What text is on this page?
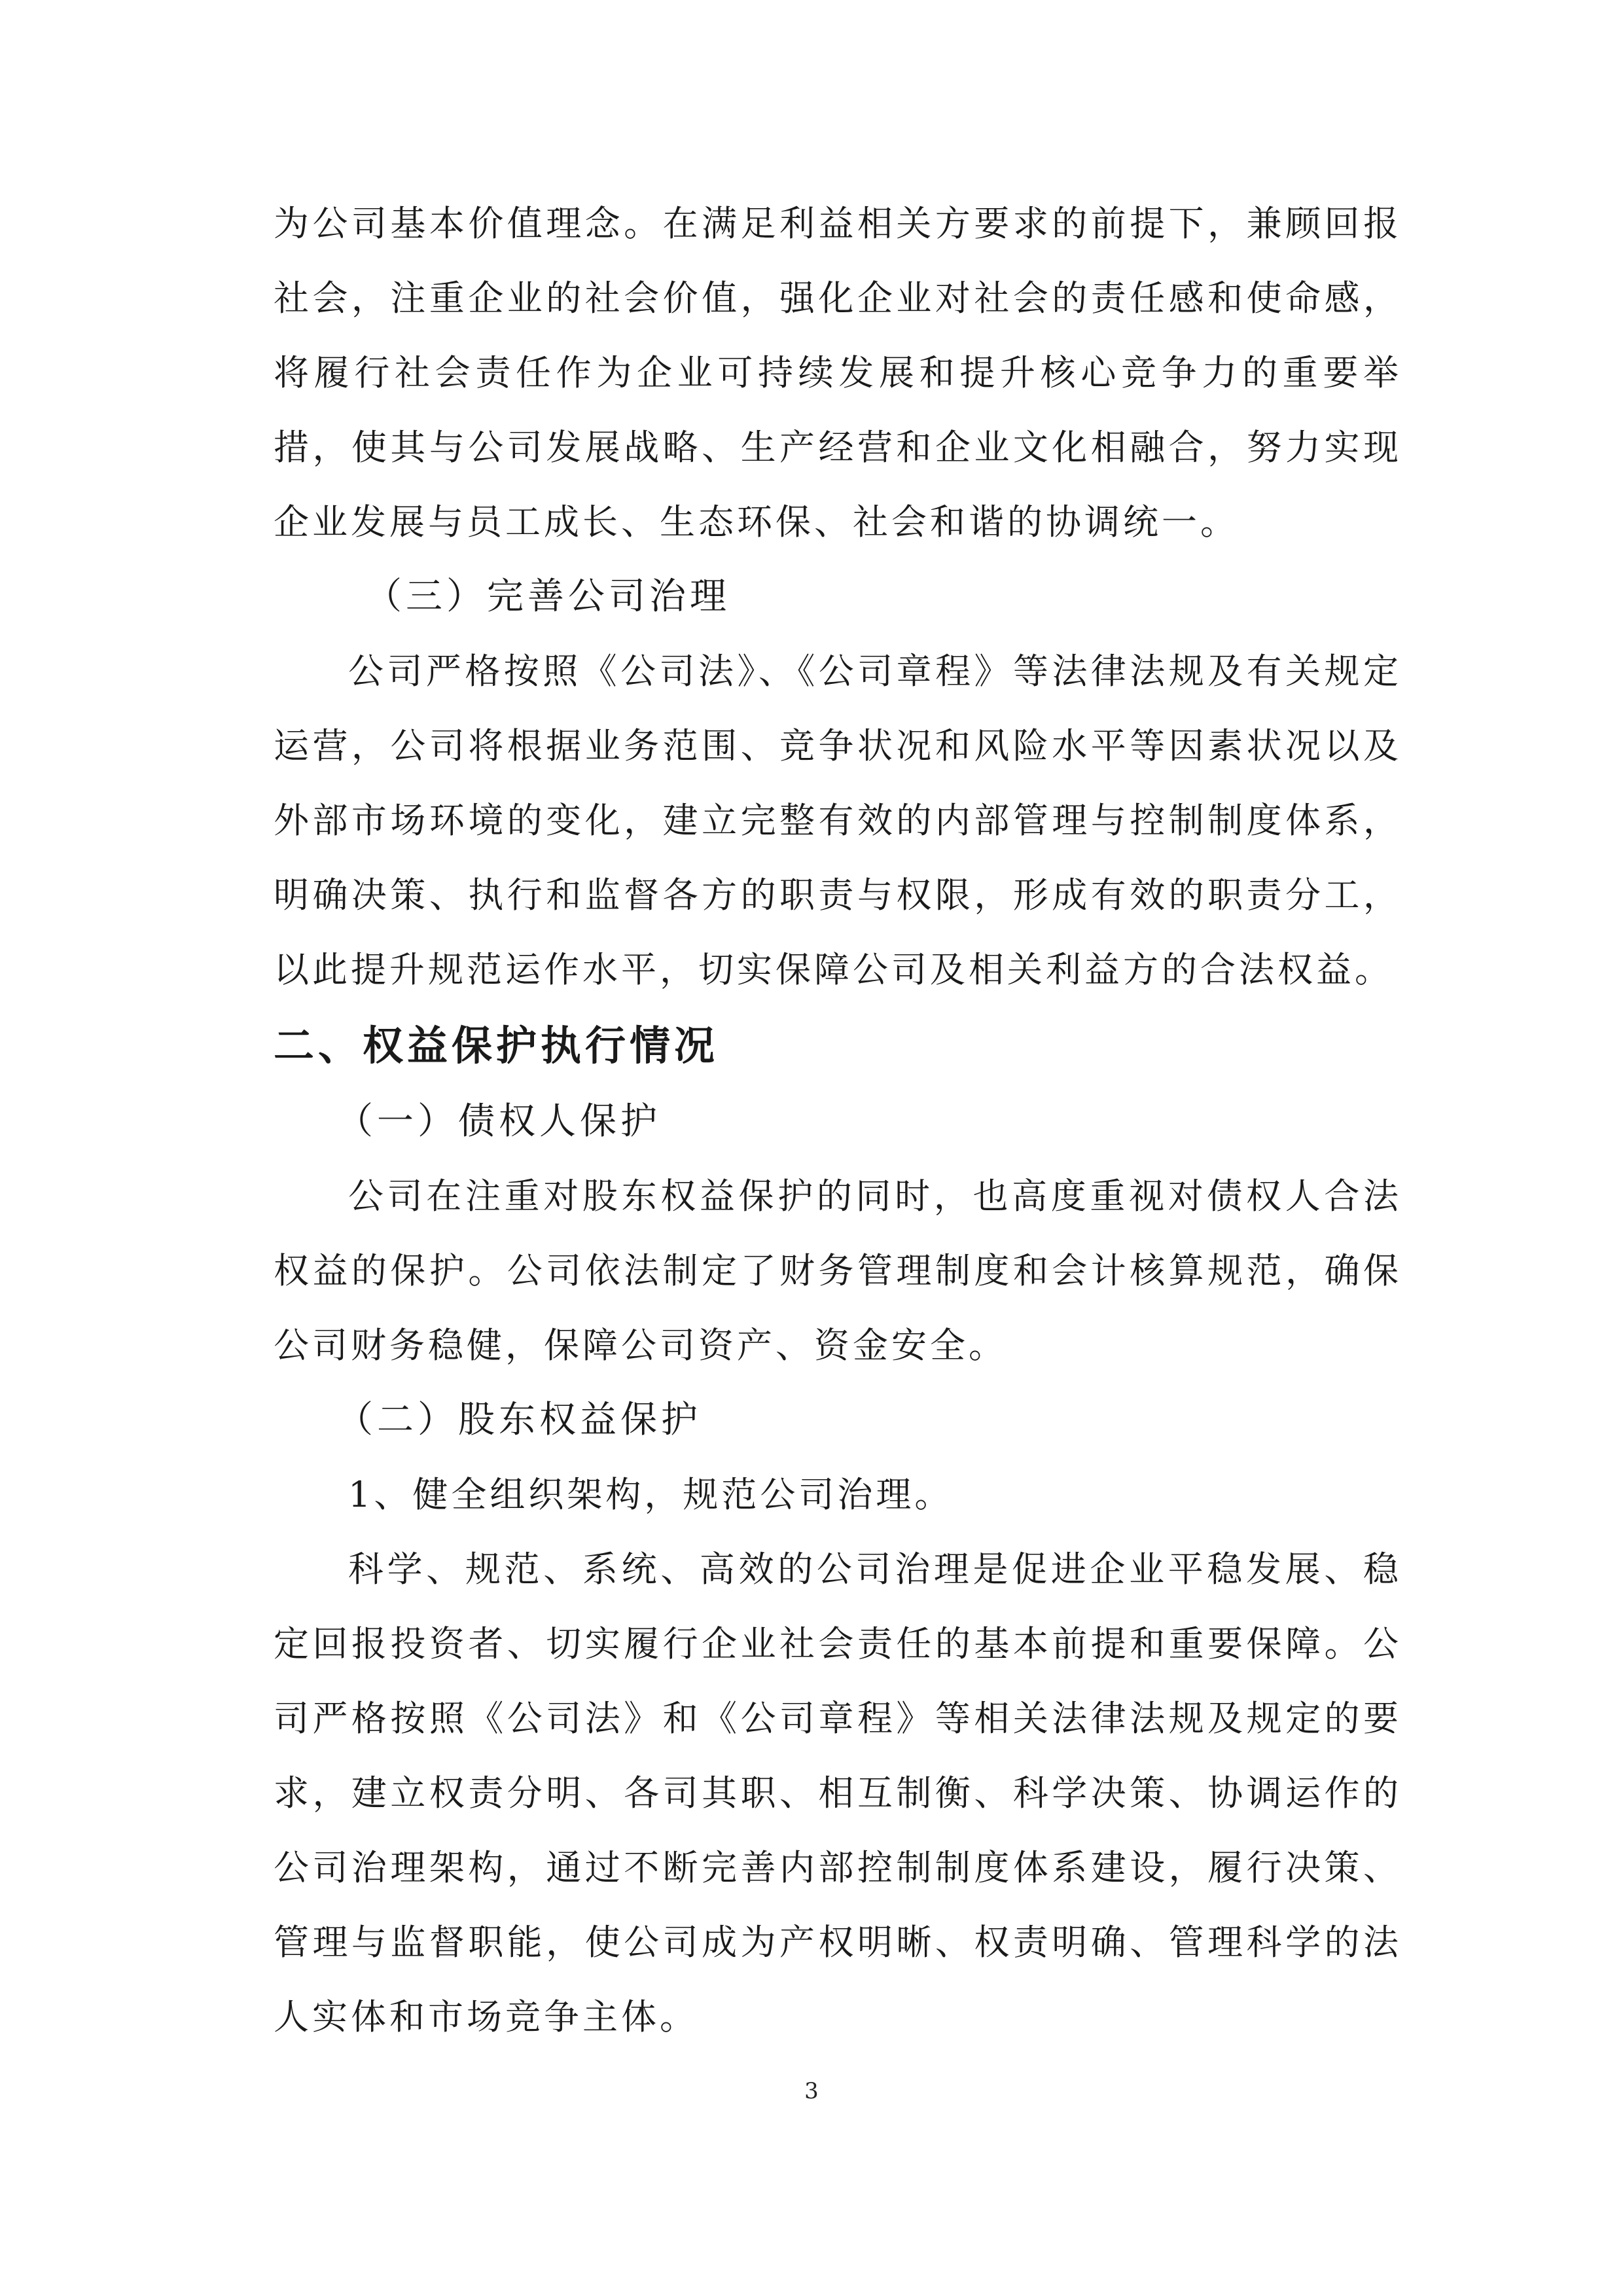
为公司基本价值理念。在满足利益相关方要求的前提下，兼顾回报社会，注重企业的社会价值，强化企业对社会的责任感和使命感，将履行社会责任作为企业可持续发展和提升核心竞争力的重要举措，使其与公司发展战略、生产经营和企业文化相融合，努力实现企业发展与员工成长、生态环保、社会和谐的协调统一。

（三）完善公司治理

公司严格按照《公司法》、《公司章程》等法律法规及有关规定运营，公司将根据业务范围、竞争状况和风险水平等因素状况以及外部市场环境的变化，建立完整有效的内部管理与控制制度体系，明确决策、执行和监督各方的职责与权限，形成有效的职责分工，以此提升规范运作水平，切实保障公司及相关利益方的合法权益。

二、权益保护执行情况

（一）债权人保护

公司在注重对股东权益保护的同时，也高度重视对债权人合法权益的保护。公司依法制定了财务管理制度和会计核算规范，确保公司财务稳健，保障公司资产、资金安全。

（二）股东权益保护

1、健全组织架构，规范公司治理。

科学、规范、系统、高效的公司治理是促进企业平稳发展、稳定回报投资者、切实履行企业社会责任的基本前提和重要保障。公司严格按照《公司法》和《公司章程》等相关法律法规及规定的要求，建立权责分明、各司其职、相互制衡、科学决策、协调运作的公司治理架构，通过不断完善内部控制制度体系建设，履行决策、管理与监督职能，使公司成为产权明晰、权责明确、管理科学的法人实体和市场竞争主体。

3
